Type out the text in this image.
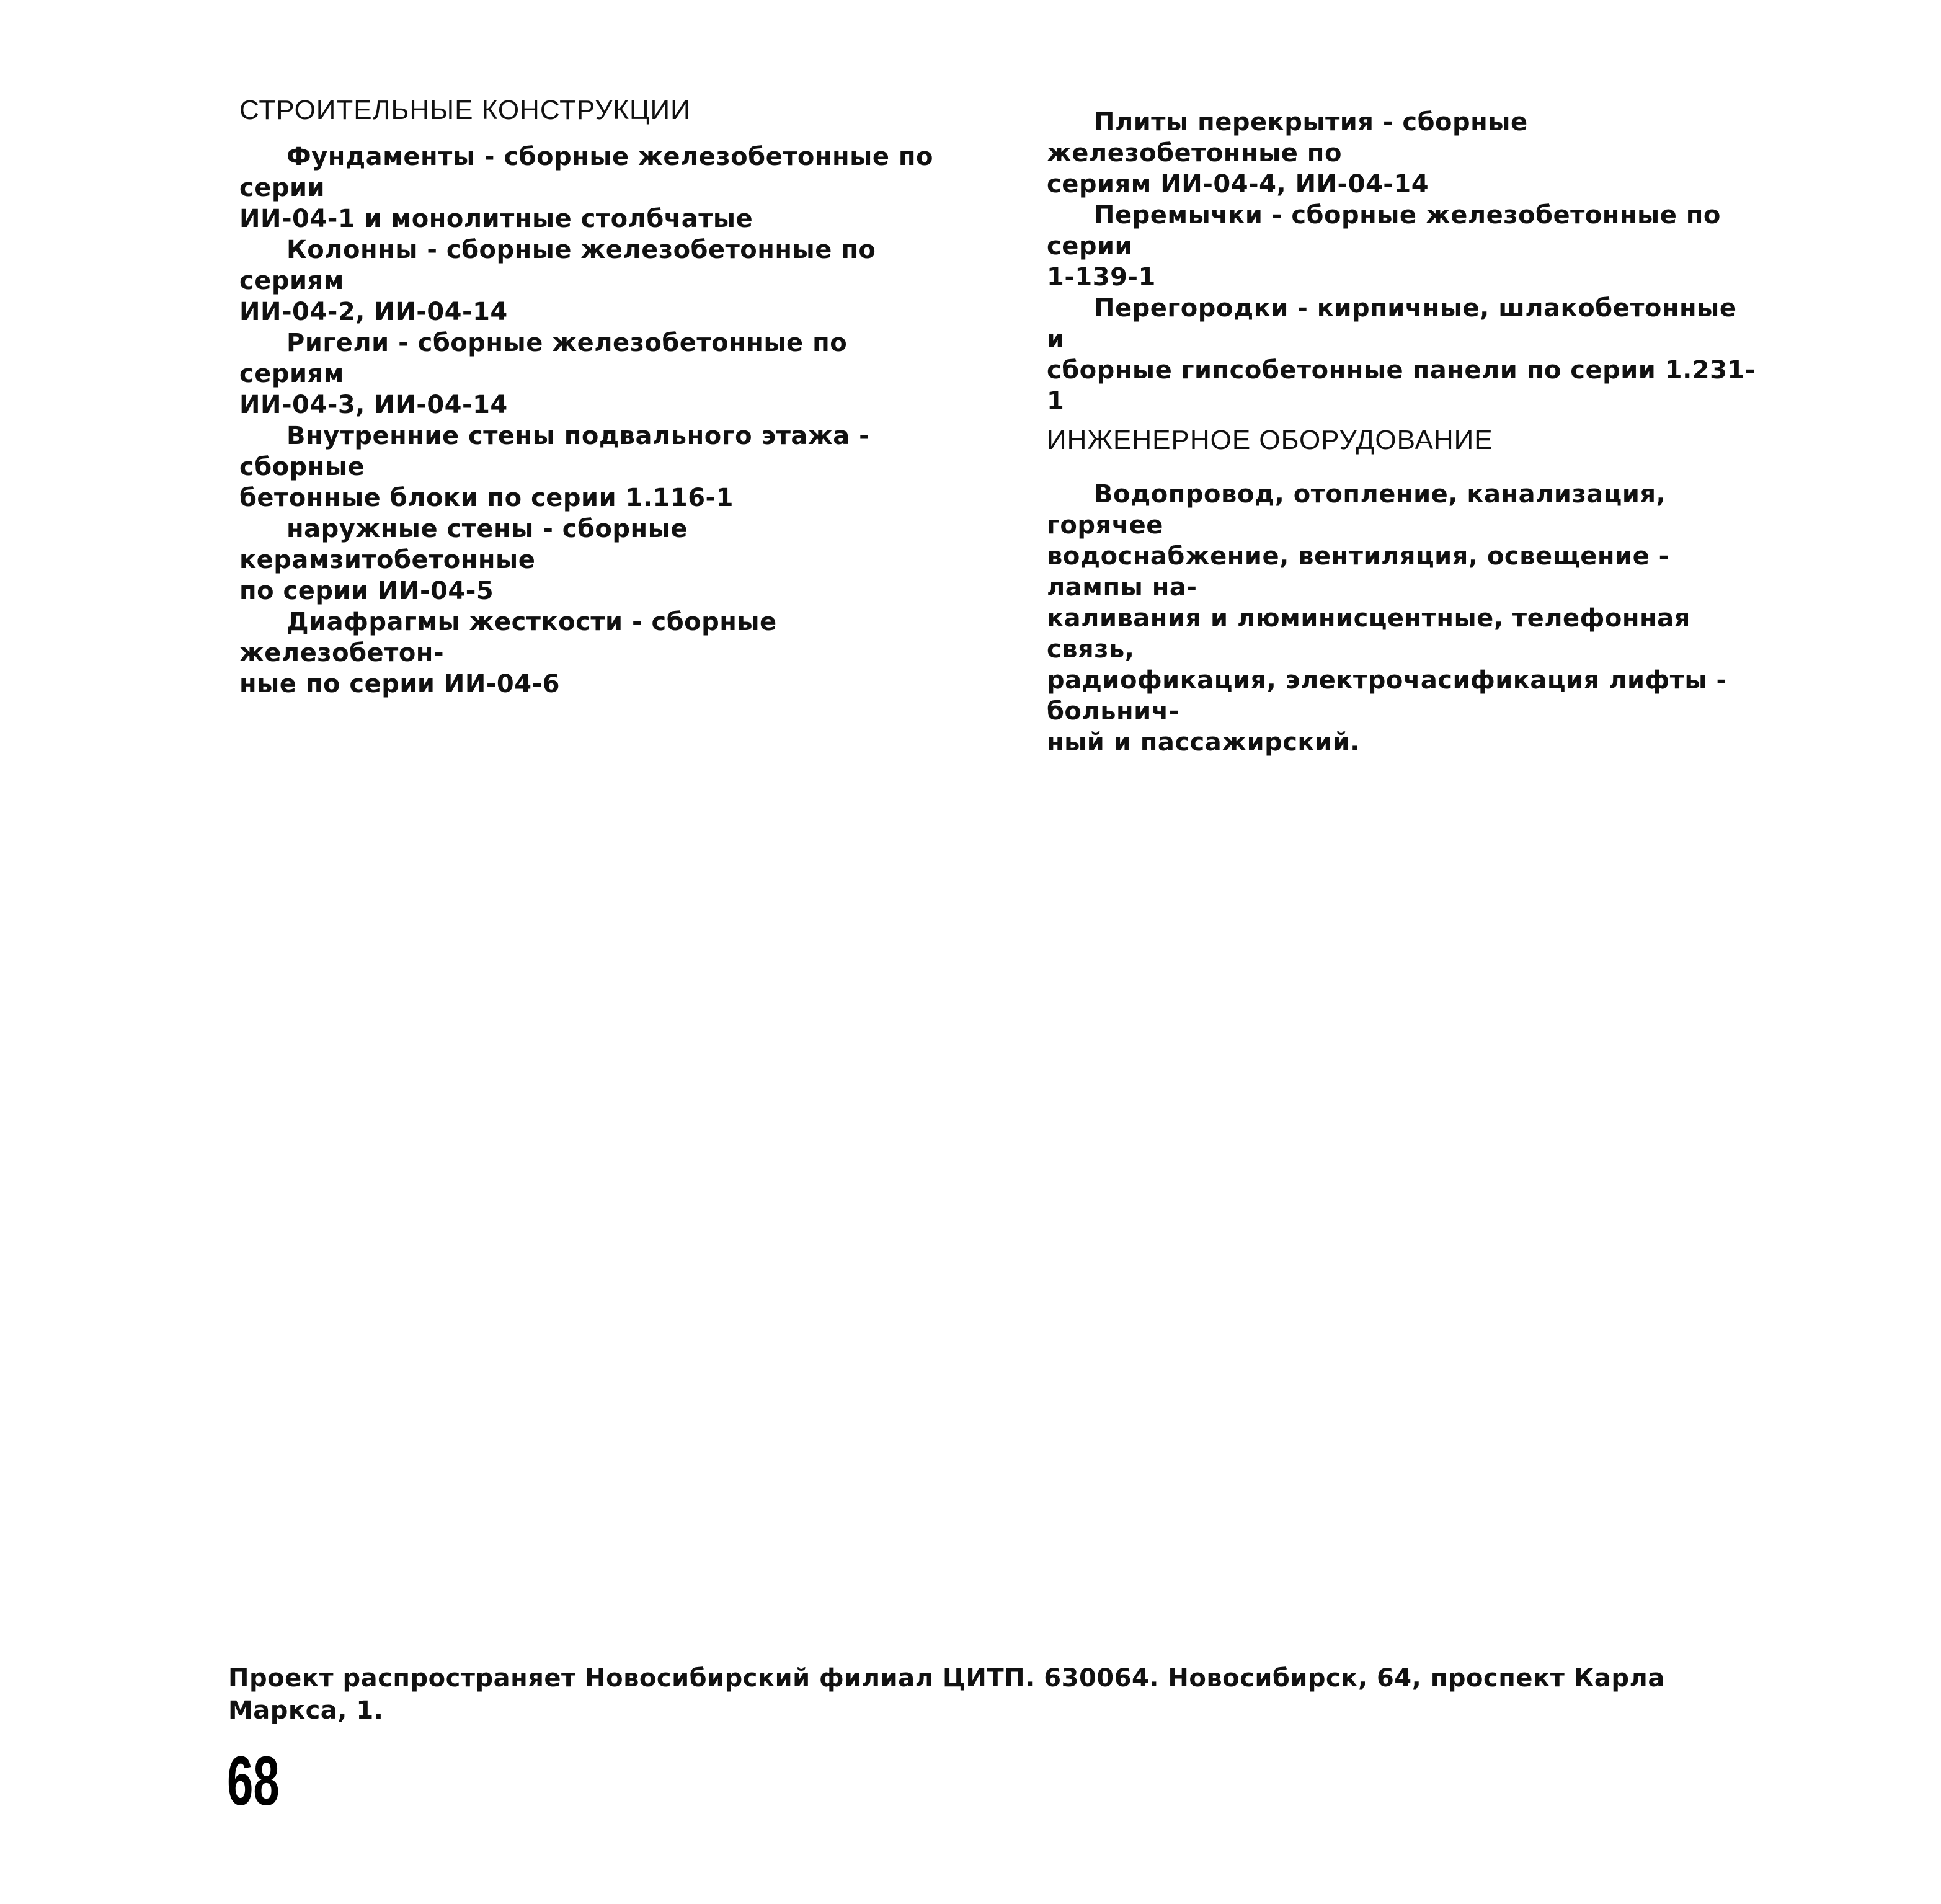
СТРОИТЕЛЬНЫЕ КОНСТРУКЦИИ

Фундаменты - сборные железобетонные по серии
ИИ-04-1 и монолитные столбчатые

Колонны - сборные железобетонные по сериям
ИИ-04-2, ИИ-04-14

Ригели - сборные железобетонные по сериям
ИИ-04-3, ИИ-04-14

Внутренние стены подвального этажа - сборные
бетонные блоки по серии 1.116-1

наружные стены - сборные керамзитобетонные
по серии ИИ-04-5

Диафрагмы жесткости - сборные железобетон-
ные по серии ИИ-04-6

Плиты перекрытия - сборные железобетонные по
сериям ИИ-04-4, ИИ-04-14

Перемычки - сборные железобетонные по серии
1-139-1

Перегородки - кирпичные, шлакобетонные и
сборные гипсобетонные панели по серии 1.231-1

ИНЖЕНЕРНОЕ ОБОРУДОВАНИЕ

Водопровод, отопление, канализация, горячее
водоснабжение, вентиляция, освещение - лампы на-
каливания и люминисцентные, телефонная связь,
радиофикация, электрочасификация лифты - больнич-
ный и пассажирский.

Проект распространяет Новосибирский филиал ЦИТП. 630064. Новосибирск, 64, проспект Карла Маркса, 1.
68
